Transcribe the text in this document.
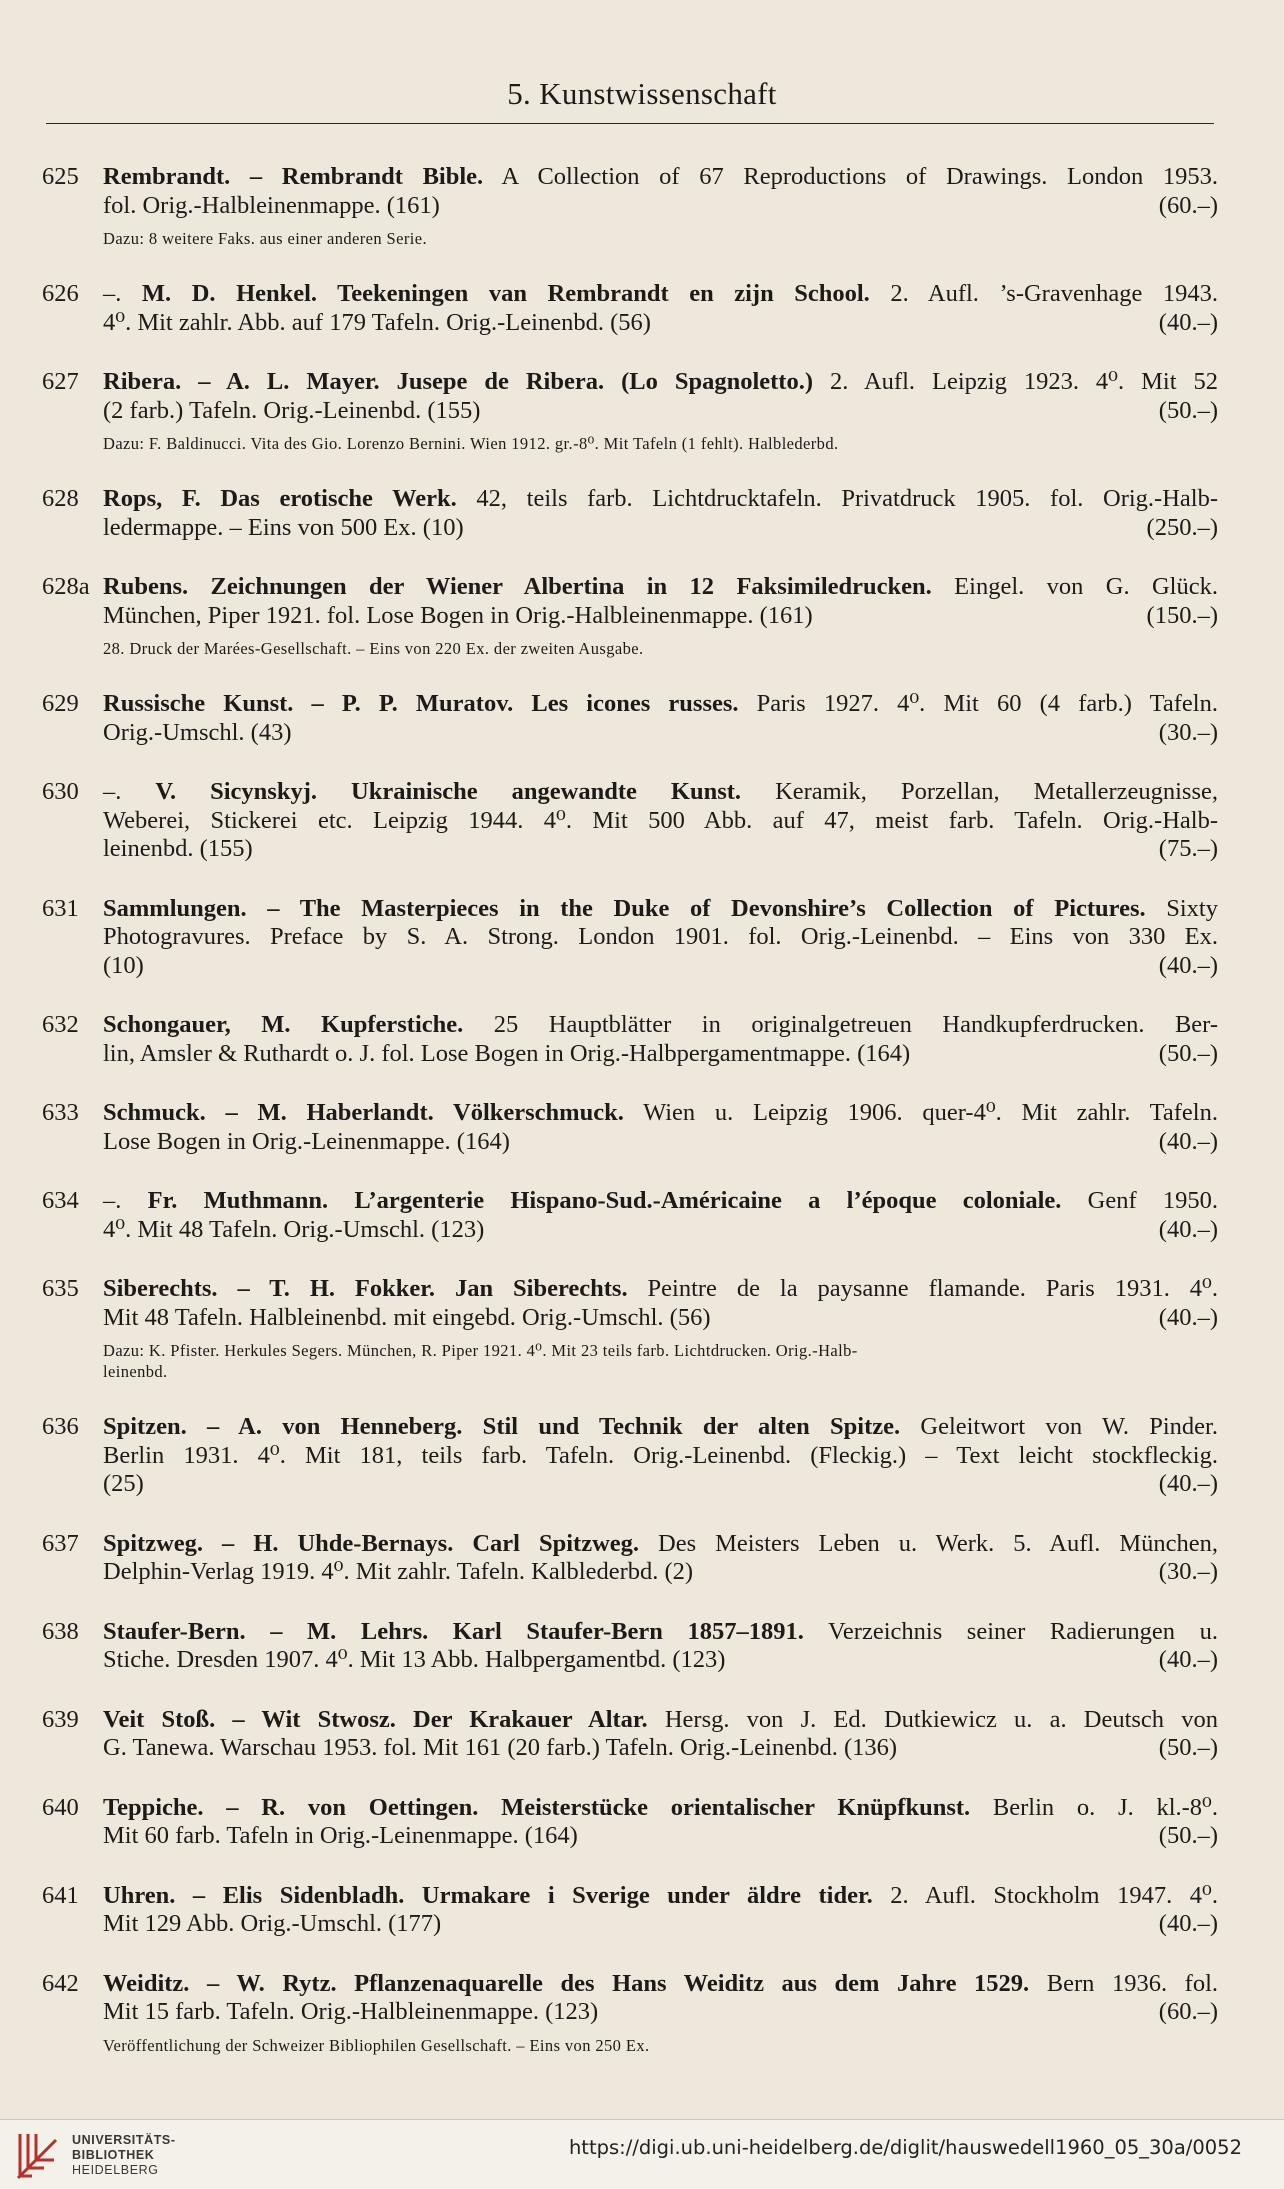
5. Kunstwissenschaft
625 Rembrandt. – Rembrandt Bible. A Collection of 67 Reproductions of Drawings. London 1953.
fol. Orig.-Halbleinenmappe. (161)	(60.–)
Dazu: 8 weitere Faks. aus einer anderen Serie.
626 –. M. D. Henkel. Teekeningen van Rembrandt en zijn School. 2. Aufl. ’s-Gravenhage 1943.
4⁰. Mit zahlr. Abb. auf 179 Tafeln. Orig.-Leinenbd. (56)	(40.–)
627 Ribera. – A. L. Mayer. Jusepe de Ribera. (Lo Spagnoletto.) 2. Aufl. Leipzig 1923. 4⁰. Mit 52
(2 farb.) Tafeln. Orig.-Leinenbd. (155)	(50.–)
Dazu: F. Baldinucci. Vita des Gio. Lorenzo Bernini. Wien 1912. gr.-8⁰. Mit Tafeln (1 fehlt). Halblederbd.
628 Rops, F. Das erotische Werk. 42, teils farb. Lichtdrucktafeln. Privatdruck 1905. fol. Orig.-Halb-
ledermappe. – Eins von 500 Ex. (10)	(250.–)
628a Rubens. Zeichnungen der Wiener Albertina in 12 Faksimiledrucken. Eingel. von G. Glück.
München, Piper 1921. fol. Lose Bogen in Orig.-Halbleinenmappe. (161)	(150.–)
28. Druck der Marées-Gesellschaft. – Eins von 220 Ex. der zweiten Ausgabe.
629 Russische Kunst. – P. P. Muratov. Les icones russes. Paris 1927. 4⁰. Mit 60 (4 farb.) Tafeln.
Orig.-Umschl. (43)	(30.–)
630 –. V. Sicynskyj. Ukrainische angewandte Kunst. Keramik, Porzellan, Metallerzeugnisse,
Weberei, Stickerei etc. Leipzig 1944. 4⁰. Mit 500 Abb. auf 47, meist farb. Tafeln. Orig.-Halb-
leinenbd. (155)	(75.–)
631 Sammlungen. – The Masterpieces in the Duke of Devonshire’s Collection of Pictures. Sixty
Photogravures. Preface by S. A. Strong. London 1901. fol. Orig.-Leinenbd. – Eins von 330 Ex.
(10)	(40.–)
632 Schongauer, M. Kupferstiche. 25 Hauptblätter in originalgetreuen Handkupferdrucken. Ber-
lin, Amsler & Ruthardt o. J. fol. Lose Bogen in Orig.-Halbpergamentmappe. (164)	(50.–)
633 Schmuck. – M. Haberlandt. Völkerschmuck. Wien u. Leipzig 1906. quer-4⁰. Mit zahlr. Tafeln.
Lose Bogen in Orig.-Leinenmappe. (164)	(40.–)
634 –. Fr. Muthmann. L’argenterie Hispano-Sud.-Américaine a l’époque coloniale. Genf 1950.
4⁰. Mit 48 Tafeln. Orig.-Umschl. (123)	(40.–)
635 Siberechts. – T. H. Fokker. Jan Siberechts. Peintre de la paysanne flamande. Paris 1931. 4⁰.
Mit 48 Tafeln. Halbleinenbd. mit eingebd. Orig.-Umschl. (56)	(40.–)
Dazu: K. Pfister. Herkules Segers. München, R. Piper 1921. 4⁰. Mit 23 teils farb. Lichtdrucken. Orig.-Halb-
leinenbd.
636 Spitzen. – A. von Henneberg. Stil und Technik der alten Spitze. Geleitwort von W. Pinder.
Berlin 1931. 4⁰. Mit 181, teils farb. Tafeln. Orig.-Leinenbd. (Fleckig.) – Text leicht stockfleckig.
(25)	(40.–)
637 Spitzweg. – H. Uhde-Bernays. Carl Spitzweg. Des Meisters Leben u. Werk. 5. Aufl. München,
Delphin-Verlag 1919. 4⁰. Mit zahlr. Tafeln. Kalblederbd. (2)	(30.–)
638 Staufer-Bern. – M. Lehrs. Karl Staufer-Bern 1857–1891. Verzeichnis seiner Radierungen u.
Stiche. Dresden 1907. 4⁰. Mit 13 Abb. Halbpergamentbd. (123)	(40.–)
639 Veit Stoß. – Wit Stwosz. Der Krakauer Altar. Hersg. von J. Ed. Dutkiewicz u. a. Deutsch von
G. Tanewa. Warschau 1953. fol. Mit 161 (20 farb.) Tafeln. Orig.-Leinenbd. (136)	(50.–)
640 Teppiche. – R. von Oettingen. Meisterstücke orientalischer Knüpfkunst. Berlin o. J. kl.-8⁰.
Mit 60 farb. Tafeln in Orig.-Leinenmappe. (164)	(50.–)
641 Uhren. – Elis Sidenbladh. Urmakare i Sverige under äldre tider. 2. Aufl. Stockholm 1947. 4⁰.
Mit 129 Abb. Orig.-Umschl. (177)	(40.–)
642 Weiditz. – W. Rytz. Pflanzenaquarelle des Hans Weiditz aus dem Jahre 1529. Bern 1936. fol.
Mit 15 farb. Tafeln. Orig.-Halbleinenmappe. (123)	(60.–)
Veröffentlichung der Schweizer Bibliophilen Gesellschaft. – Eins von 250 Ex.
UNIVERSITÄTS-
BIBLIOTHEK
HEIDELBERG
https://digi.ub.uni-heidelberg.de/diglit/hauswedell1960_05_30a/0052
